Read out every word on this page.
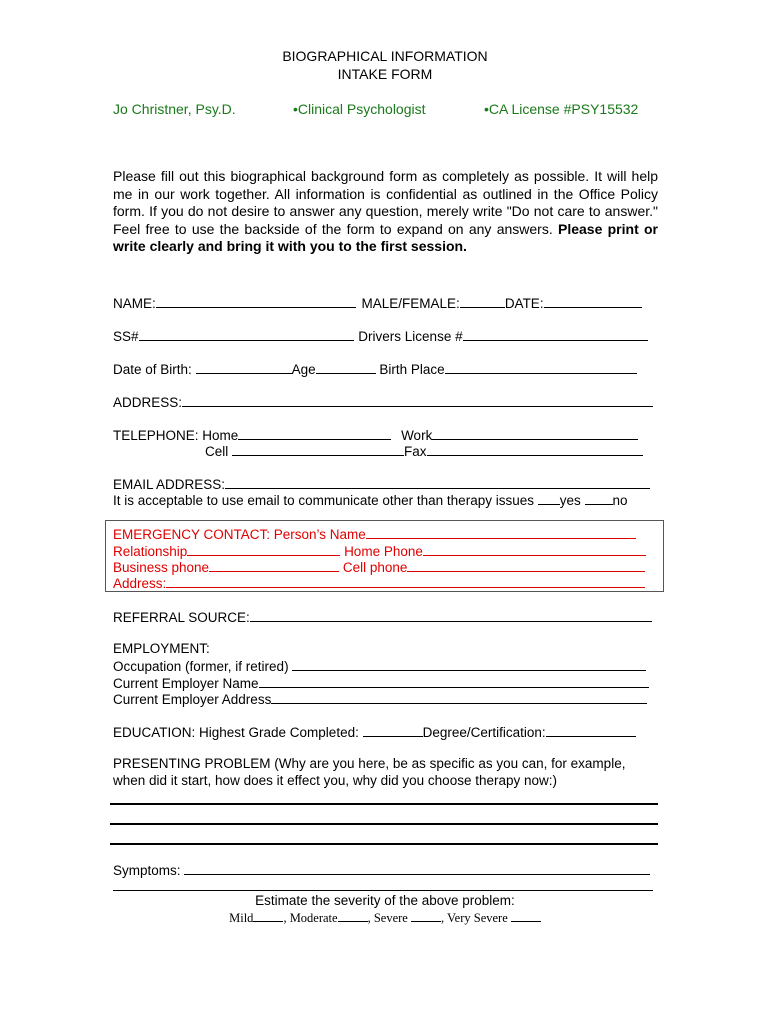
BIOGRAPHICAL INFORMATION
INTAKE FORM
Jo Christner, Psy.D.	•Clinical Psychologist	•CA License #PSY15532
Please fill out this biographical background form as completely as possible. It will help me in our work together. All information is confidential as outlined in the Office Policy form. If you do not desire to answer any question, merely write "Do not care to answer." Feel free to use the backside of the form to expand on any answers. Please print or write clearly and bring it with you to the first session.
NAME:	MALE/FEMALE:	DATE:
SS#	Drivers License #
Date of Birth:	Age	Birth Place
ADDRESS:
TELEPHONE: Home	Work
Cell	Fax
EMAIL ADDRESS:
It is acceptable to use email to communicate other than therapy issues yes no
EMERGENCY CONTACT: Person’s Name
Relationship	Home Phone
Business phone	Cell phone
Address:
REFERRAL SOURCE:
EMPLOYMENT:
Occupation (former, if retired)
Current Employer Name
Current Employer Address
EDUCATION: Highest Grade Completed:	Degree/Certification:
PRESENTING PROBLEM (Why are you here, be as specific as you can, for example,
when did it start, how does it effect you, why did you choose therapy now:)
Symptoms:
Estimate the severity of the above problem:
Mild , Moderate , Severe	, Very Severe
